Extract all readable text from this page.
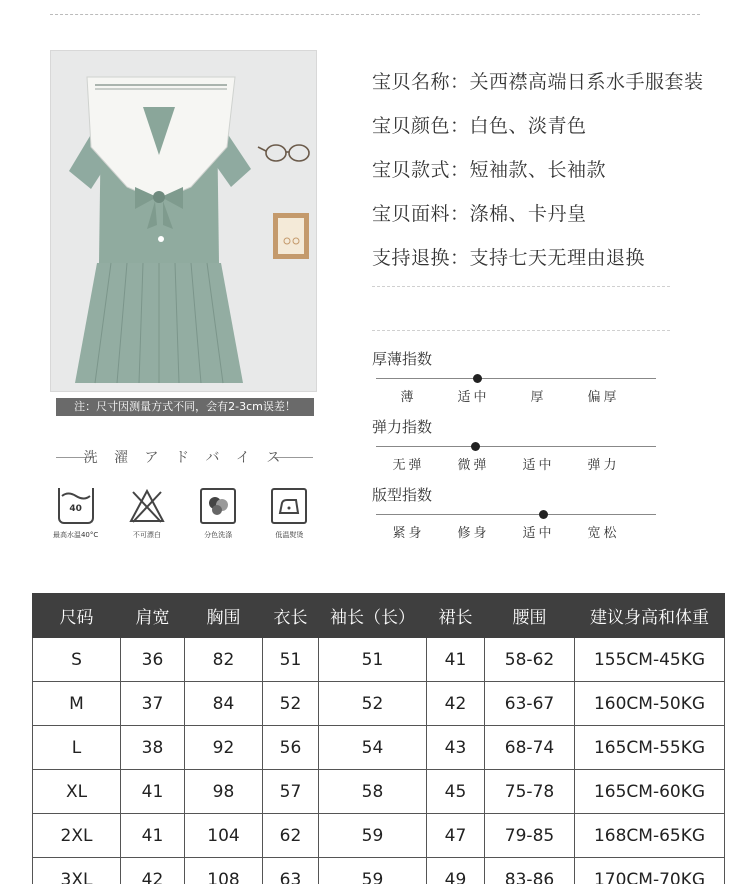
注：尺寸因测量方式不同，会有2-3cm误差！
洗 濯 ア ド バ イ ス
40
最高水温40°C	不可漂白	分色洗涤	低温熨烫
宝贝名称： 关西襟高端日系水手服套装
宝贝颜色： 白色、淡青色
宝贝款式： 短袖款、长袖款
宝贝面料： 涤棉、卡丹皇
支持退换： 支持七天无理由退换
厚薄指数
薄	适中	厚	偏厚
弹力指数
无弹	微弹	适中	弹力
版型指数
紧身	修身	适中	宽松
尺码	肩宽	胸围	衣长	袖长（长）	裙长	腰围	建议身高和体重
S	36	82	51	51	41	58-62	155CM-45KG
M	37	84	52	52	42	63-67	160CM-50KG
L	38	92	56	54	43	68-74	165CM-55KG
XL	41	98	57	58	45	75-78	165CM-60KG
2XL	41	104	62	59	47	79-85	168CM-65KG
3XL	42	108	63	59	49	83-86	170CM-70KG
